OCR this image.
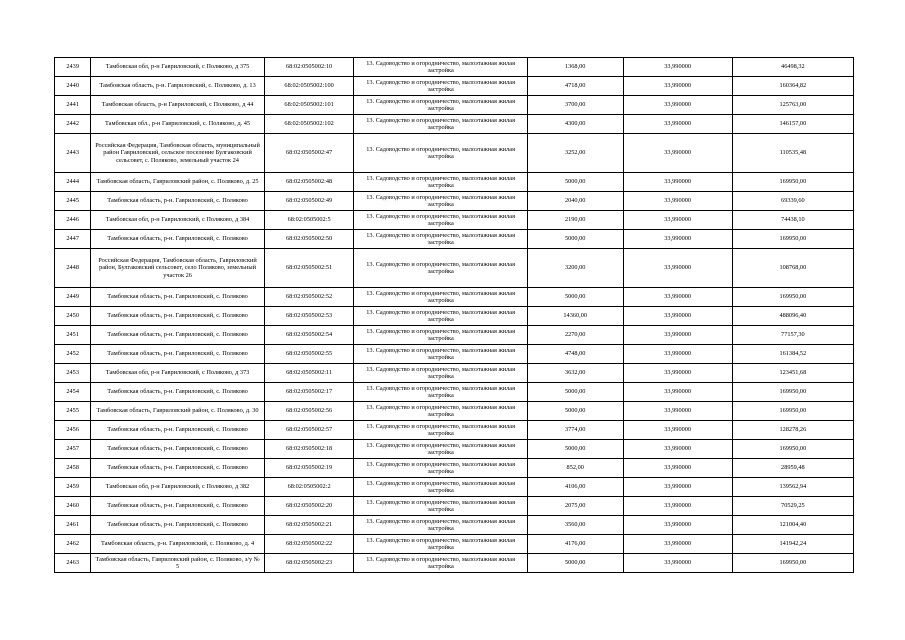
2439	Тамбовская обл, р-н Гавриловский, с Поляково, д 375	68:02:0505002:10	13. Садоводство и огородничество, малоэтажная жилая застройка	1368,00	33,990000	46498,32
2440	Тамбовская область, р-н. Гавриловский, с. Поляково, д. 13	68:02:0505002:100	13. Садоводство и огородничество, малоэтажная жилая застройка	4718,00	33,990000	160364,82
2441	Тамбовская область, р-н Гавриловский, с Поляково, д 44	68:02:0505002:101	13. Садоводство и огородничество, малоэтажная жилая застройка	3700,00	33,990000	125763,00
2442	Тамбовская обл., р-н Гавриловский, с. Поляково, д. 45	68:02:0505002:102	13. Садоводство и огородничество, малоэтажная жилая застройка	4300,00	33,990000	146157,00
2443	Российская Федерация, Тамбовская область, муниципальный район Гавриловский, сельское поселение Булгаковский сельсовет, с. Поляково, земельный участок 24	68:02:0505002:47	13. Садоводство и огородничество, малоэтажная жилая застройка	3252,00	33,990000	110535,48
2444	Тамбовская область, Гавриловский район, с. Поляково, д. 25	68:02:0505002:48	13. Садоводство и огородничество, малоэтажная жилая застройка	5000,00	33,990000	169950,00
2445	Тамбовская область, р-н. Гавриловский, с. Поляково	68:02:0505002:49	13. Садоводство и огородничество, малоэтажная жилая застройка	2040,00	33,990000	69339,60
2446	Тамбовская обл, р-н Гавриловский, с Поляково, д 384	68:02:0505002:5	13. Садоводство и огородничество, малоэтажная жилая застройка	2190,00	33,990000	74438,10
2447	Тамбовская область, р-н. Гавриловский, с. Поляково	68:02:0505002:50	13. Садоводство и огородничество, малоэтажная жилая застройка	5000,00	33,990000	169950,00
2448	Российская Федерация, Тамбовская область, Гавриловский район, Булгаковский сельсовет, село Поляково, земельный участок 26	68:02:0505002:51	13. Садоводство и огородничество, малоэтажная жилая застройка	3200,00	33,990000	108768,00
2449	Тамбовская область, р-н. Гавриловский, с. Поляково	68:02:0505002:52	13. Садоводство и огородничество, малоэтажная жилая застройка	5000,00	33,990000	169950,00
2450	Тамбовская область, р-н. Гавриловский, с. Поляково	68:02:0505002:53	13. Садоводство и огородничество, малоэтажная жилая застройка	14360,00	33,990000	488096,40
2451	Тамбовская область, р-н. Гавриловский, с. Поляково	68:02:0505002:54	13. Садоводство и огородничество, малоэтажная жилая застройка	2270,00	33,990000	77157,30
2452	Тамбовская область, р-н. Гавриловский, с. Поляково	68:02:0505002:55	13. Садоводство и огородничество, малоэтажная жилая застройка	4748,00	33,990000	161384,52
2453	Тамбовская обл, р-н Гавриловский, с Поляково, д 373	68:02:0505002:11	13. Садоводство и огородничество, малоэтажная жилая застройка	3632,00	33,990000	123451,68
2454	Тамбовская область, р-н. Гавриловский, с. Поляково	68:02:0505002:17	13. Садоводство и огородничество, малоэтажная жилая застройка	5000,00	33,990000	169950,00
2455	Тамбовская область, Гавриловский район, с. Поляково, д. 30	68:02:0505002:56	13. Садоводство и огородничество, малоэтажная жилая застройка	5000,00	33,990000	169950,00
2456	Тамбовская область, р-н. Гавриловский, с. Поляково	68:02:0505002:57	13. Садоводство и огородничество, малоэтажная жилая застройка	3774,00	33,990000	128278,26
2457	Тамбовская область, р-н. Гавриловский, с. Поляково	68:02:0505002:18	13. Садоводство и огородничество, малоэтажная жилая застройка	5000,00	33,990000	169950,00
2458	Тамбовская область, р-н. Гавриловский, с. Поляково	68:02:0505002:19	13. Садоводство и огородничество, малоэтажная жилая застройка	852,00	33,990000	28959,48
2459	Тамбовская обл, р-н Гавриловский, с Поляково, д 382	68:02:0505002:2	13. Садоводство и огородничество, малоэтажная жилая застройка	4106,00	33,990000	139562,94
2460	Тамбовская область, р-н. Гавриловский, с. Поляково	68:02:0505002:20	13. Садоводство и огородничество, малоэтажная жилая застройка	2075,00	33,990000	70529,25
2461	Тамбовская область, р-н. Гавриловский, с. Поляково	68:02:0505002:21	13. Садоводство и огородничество, малоэтажная жилая застройка	3560,00	33,990000	121004,40
2462	Тамбовская область, р-н. Гавриловский, с. Поляково, д. 4	68:02:0505002:22	13. Садоводство и огородничество, малоэтажная жилая застройка	4176,00	33,990000	141942,24
2463	Тамбовская область, Гавриловский район, с. Поляково, з/у № 5	68:02:0505002:23	13. Садоводство и огородничество, малоэтажная жилая застройка	5000,00	33,990000	169950,00
